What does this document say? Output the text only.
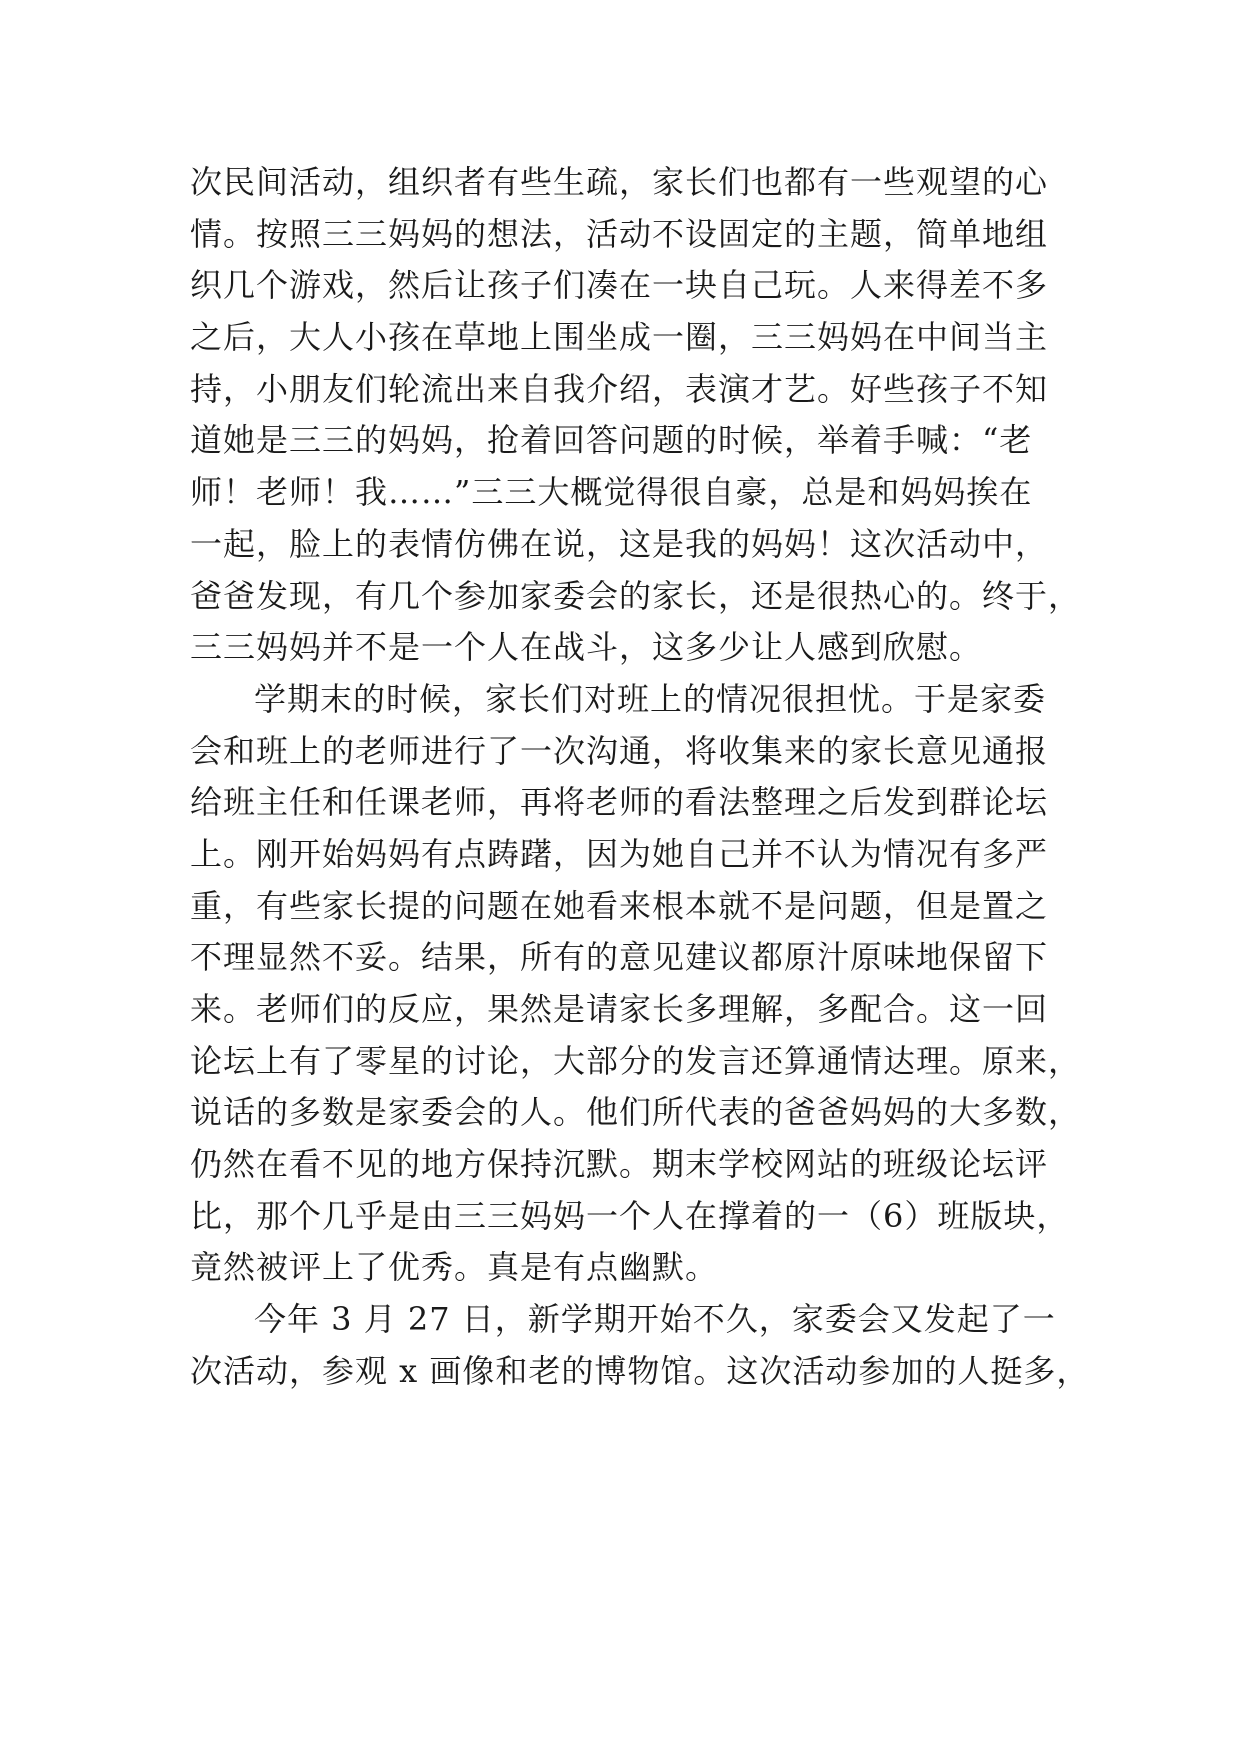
次民间活动，组织者有些生疏，家长们也都有一些观望的心
情。按照三三妈妈的想法，活动不设固定的主题，简单地组
织几个游戏，然后让孩子们凑在一块自己玩。人来得差不多
之后，大人小孩在草地上围坐成一圈，三三妈妈在中间当主
持，小朋友们轮流出来自我介绍，表演才艺。好些孩子不知
道她是三三的妈妈，抢着回答问题的时候，举着手喊：“老
师！老师！我……”三三大概觉得很自豪，总是和妈妈挨在
一起，脸上的表情仿佛在说，这是我的妈妈！这次活动中，
爸爸发现，有几个参加家委会的家长，还是很热心的。终于，
三三妈妈并不是一个人在战斗，这多少让人感到欣慰。
学期末的时候，家长们对班上的情况很担忧。于是家委
会和班上的老师进行了一次沟通，将收集来的家长意见通报
给班主任和任课老师，再将老师的看法整理之后发到群论坛
上。刚开始妈妈有点踌躇，因为她自己并不认为情况有多严
重，有些家长提的问题在她看来根本就不是问题，但是置之
不理显然不妥。结果，所有的意见建议都原汁原味地保留下
来。老师们的反应，果然是请家长多理解，多配合。这一回
论坛上有了零星的讨论，大部分的发言还算通情达理。原来，
说话的多数是家委会的人。他们所代表的爸爸妈妈的大多数，
仍然在看不见的地方保持沉默。期末学校网站的班级论坛评
比，那个几乎是由三三妈妈一个人在撑着的一（6）班版块，
竟然被评上了优秀。真是有点幽默。
今年 3 月 27 日，新学期开始不久，家委会又发起了一
次活动，参观 x 画像和老的博物馆。这次活动参加的人挺多，
